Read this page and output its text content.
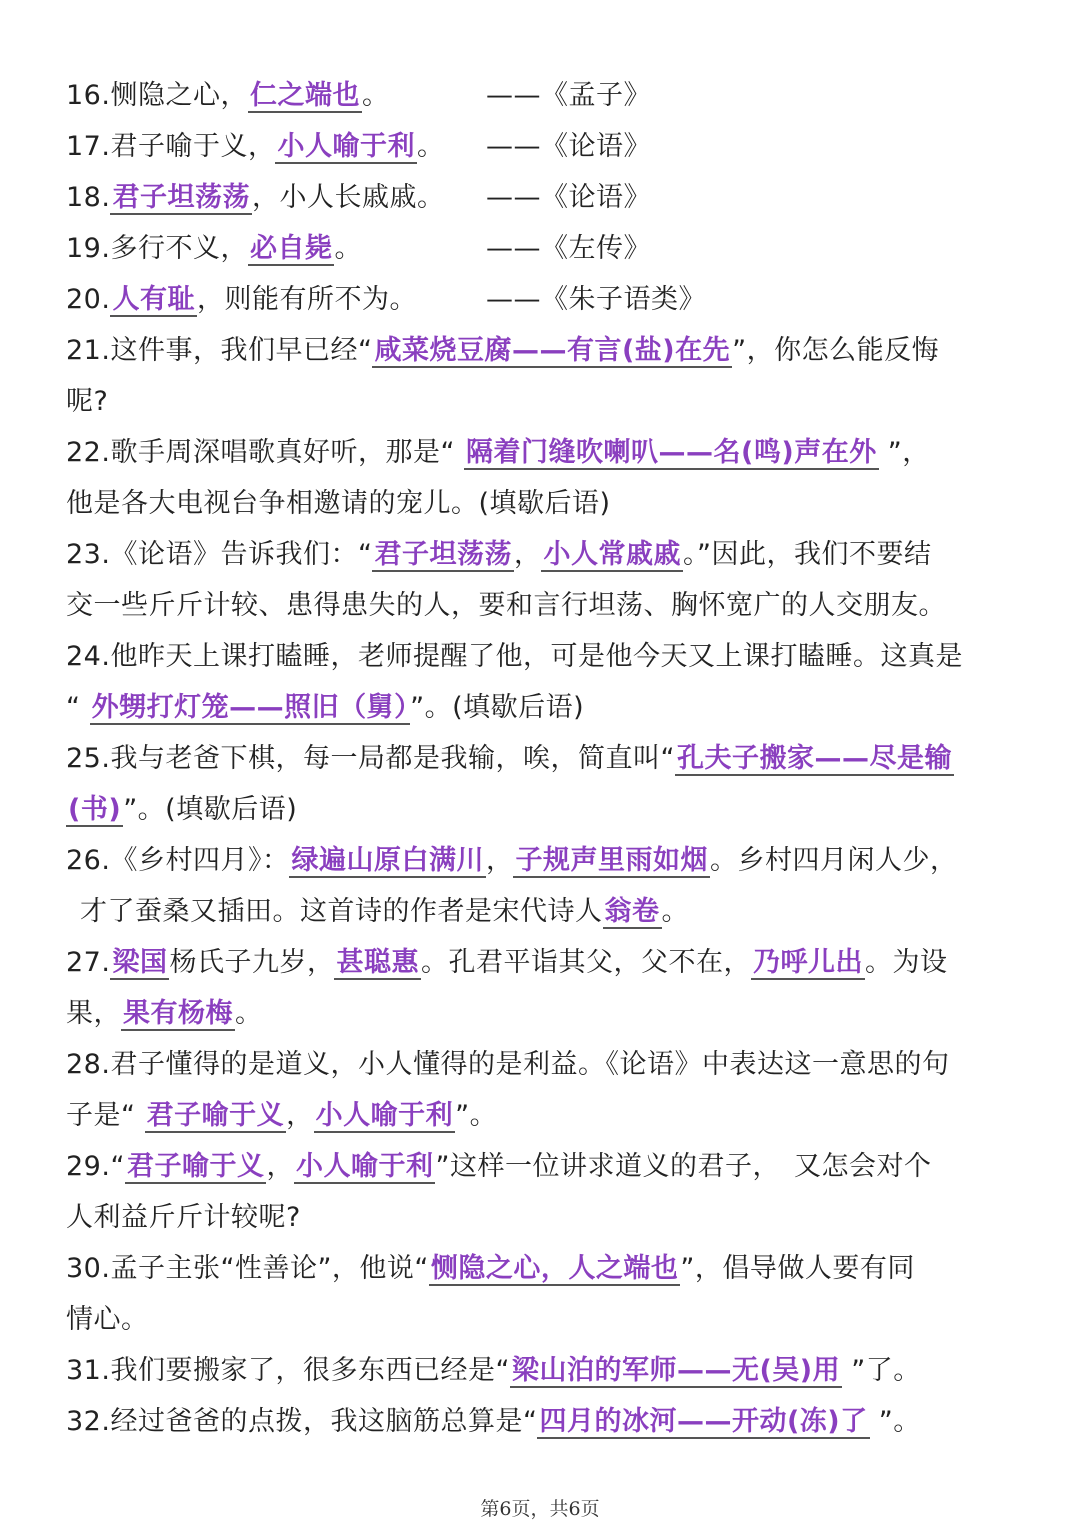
16.恻隐之心，仁之端也。	——《孟子》
17.君子喻于义，小人喻于利。 ——《论语》
18.君子坦荡荡，小人长戚戚。 ——《论语》
19.多行不义，必自毙。	——《左传》
20.人有耻，则能有所不为。	——《朱子语类》
21.这件事，我们早已经“咸菜烧豆腐——有言(盐)在先”，你怎么能反悔
呢?
22.歌手周深唱歌真好听，那是“ 隔着门缝吹喇叭——名(鸣)声在外 ”，
他是各大电视台争相邀请的宠儿。(填歇后语)
23.《论语》告诉我们：“君子坦荡荡，小人常戚戚。”因此，我们不要结
交一些斤斤计较、患得患失的人，要和言行坦荡、胸怀宽广的人交朋友。
24.他昨天上课打瞌睡，老师提醒了他，可是他今天又上课打瞌睡。这真是
“ 外甥打灯笼——照旧（舅）”。(填歇后语)
25.我与老爸下棋，每一局都是我输，唉，简直叫“孔夫子搬家——尽是输
(书)”。(填歇后语)
26.《乡村四月》：绿遍山原白满川，子规声里雨如烟。乡村四月闲人少，
才了蚕桑又插田。这首诗的作者是宋代诗人翁卷。
27.梁国杨氏子九岁，甚聪惠。孔君平诣其父，父不在，乃呼儿出。为设
果，果有杨梅。
28.君子懂得的是道义，小人懂得的是利益。《论语》中表达这一意思的句
子是“ 君子喻于义，小人喻于利”。
29.“君子喻于义，小人喻于利”这样一位讲求道义的君子，　又怎会对个
人利益斤斤计较呢?
30.孟子主张“性善论”，他说“恻隐之心，人之端也”，倡导做人要有同
情心。
31.我们要搬家了，很多东西已经是“梁山泊的军师——无(吴)用 ”了。
32.经过爸爸的点拨，我这脑筋总算是“四月的冰河——开动(冻)了 ”。
第6页，共6页
